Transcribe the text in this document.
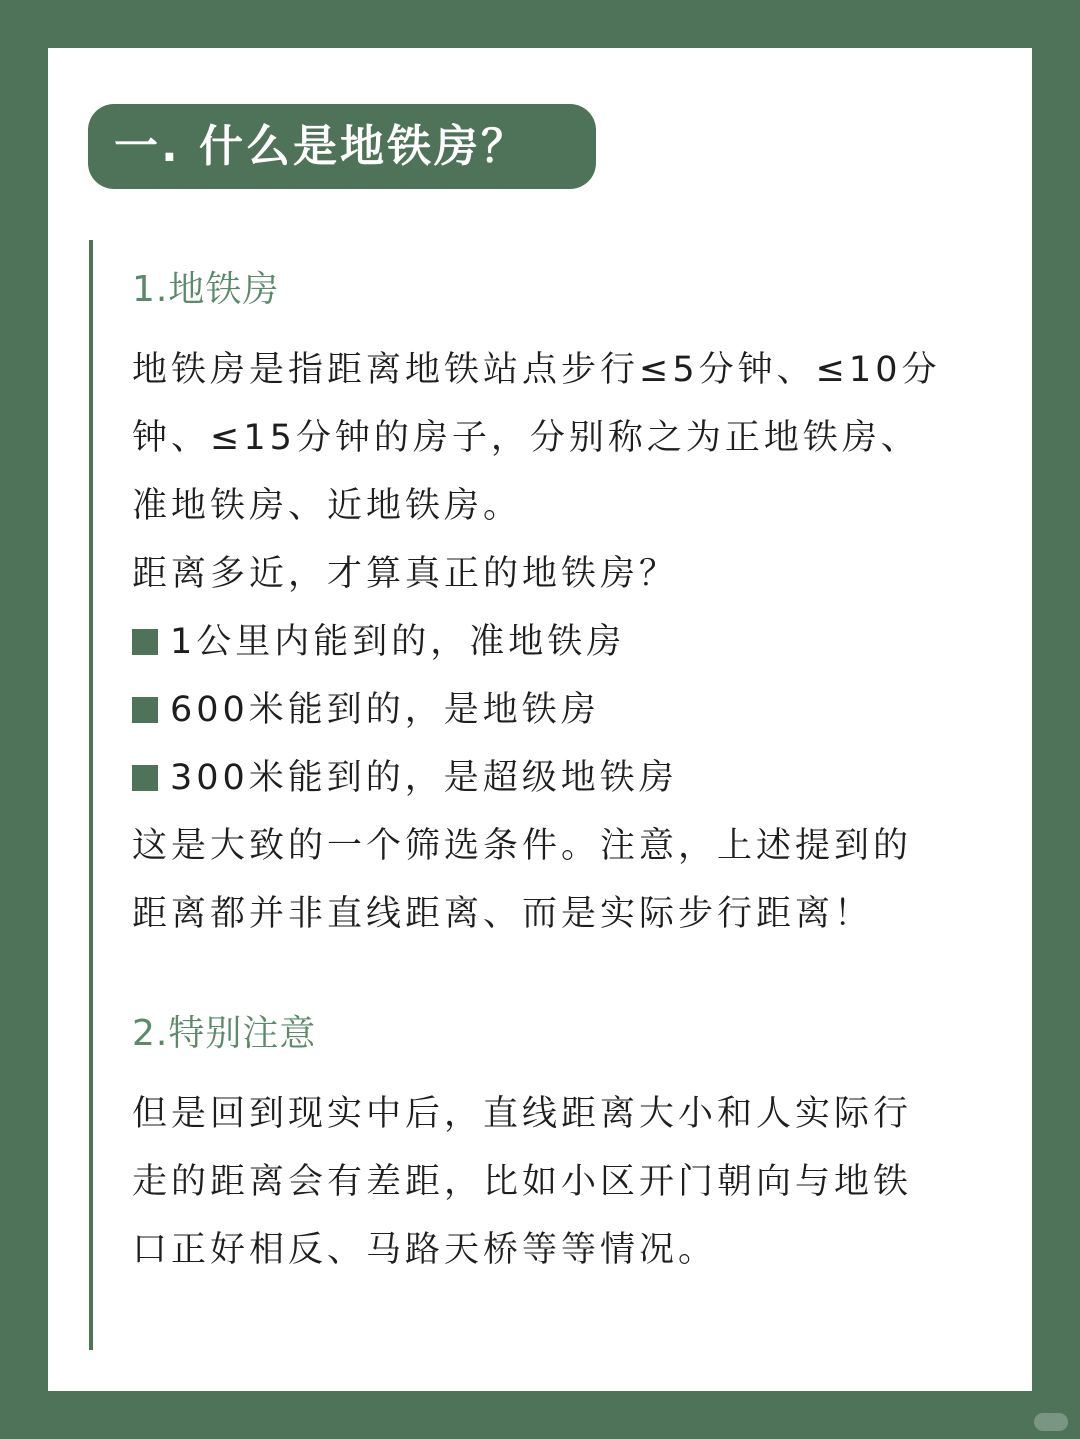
一. 什么是地铁房？
1.地铁房

地铁房是指距离地铁站点步行≤5分钟、≤10分

钟、≤15分钟的房子，分别称之为正地铁房、

准地铁房、近地铁房。

距离多近，才算真正的地铁房？

1公里内能到的，准地铁房
600米能到的，是地铁房
300米能到的，是超级地铁房

这是大致的一个筛选条件。注意，上述提到的

距离都并非直线距离、而是实际步行距离！

2.特别注意

但是回到现实中后，直线距离大小和人实际行

走的距离会有差距，比如小区开门朝向与地铁

口正好相反、马路天桥等等情况。
